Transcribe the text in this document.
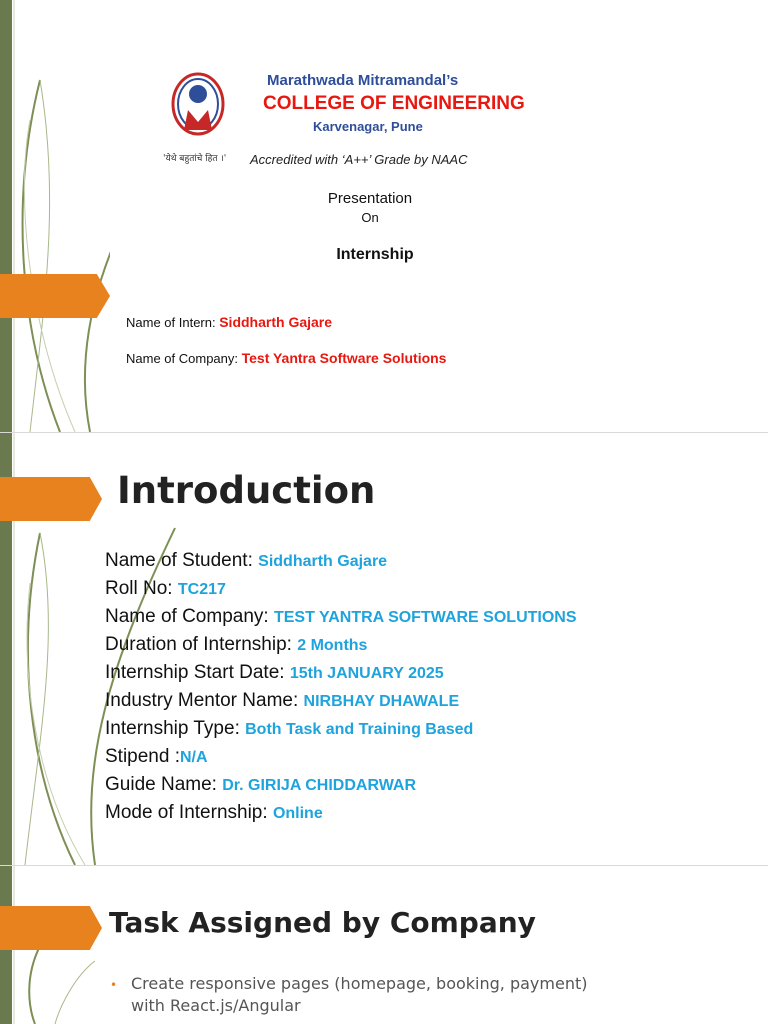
'येथे बहुतांचे हित ।'
Marathwada Mitramandal’s
COLLEGE OF ENGINEERING
Karvenagar, Pune
Accredited with ‘A++’ Grade by NAAC
Presentation
On
Internship
Name of Intern: Siddharth Gajare
Name of Company: Test Yantra Software Solutions
Introduction
Name of Student: Siddharth Gajare
Roll No: TC217
Name of Company: TEST YANTRA SOFTWARE SOLUTIONS
Duration of Internship: 2 Months
Internship Start Date: 15th JANUARY 2025
Industry Mentor Name: NIRBHAY DHAWALE
Internship Type: Both Task and Training Based
Stipend :N/A
Guide Name: Dr. GIRIJA CHIDDARWAR
Mode of Internship: Online
Task Assigned by Company
• Create responsive pages (homepage, booking, payment) with React.js/Angular
